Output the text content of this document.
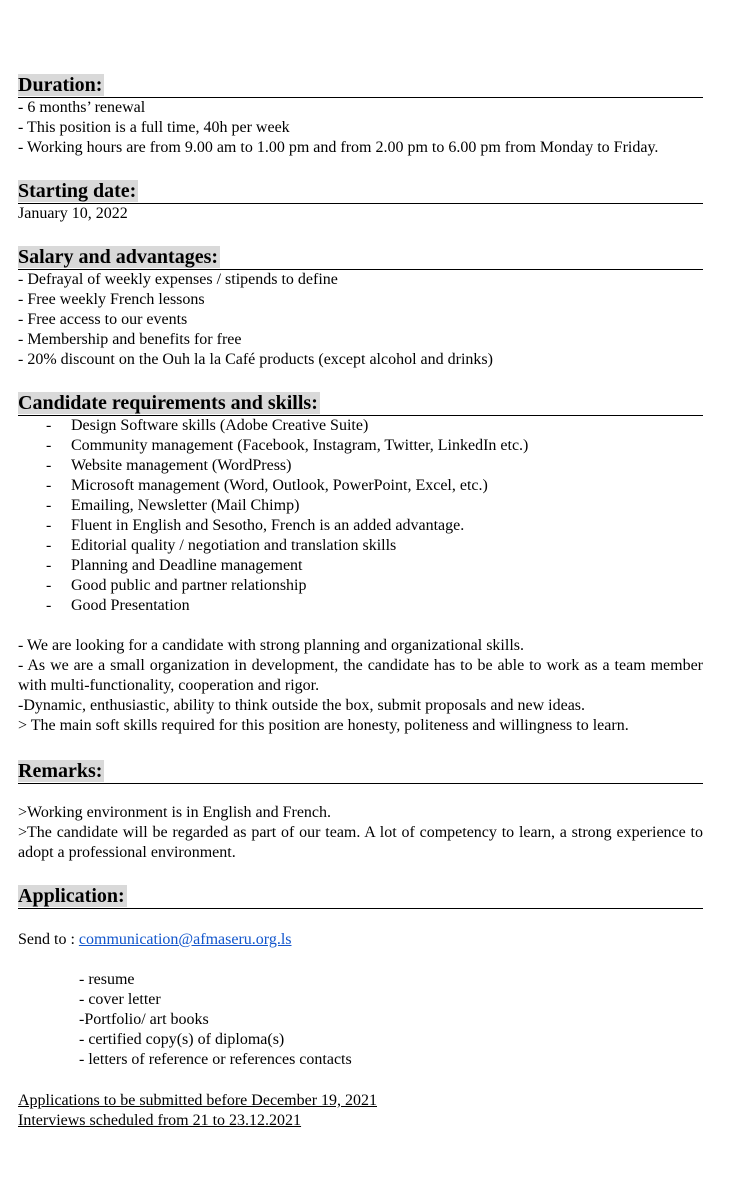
Duration:
- 6 months’ renewal
- This position is a full time, 40h per week
- Working hours are from 9.00 am to 1.00 pm and from 2.00 pm to 6.00 pm from Monday to Friday.
Starting date:
January 10, 2022
Salary and advantages:
- Defrayal of weekly expenses / stipends to define
- Free weekly French lessons
- Free access to our events
- Membership and benefits for free
- 20% discount on the Ouh la la Café products (except alcohol and drinks)
Candidate requirements and skills:
- Design Software skills (Adobe Creative Suite)
- Community management (Facebook, Instagram, Twitter, LinkedIn etc.)
- Website management (WordPress)
- Microsoft management (Word, Outlook, PowerPoint, Excel, etc.)
- Emailing, Newsletter (Mail Chimp)
- Fluent in English and Sesotho, French is an added advantage.
- Editorial quality / negotiation and translation skills
- Planning and Deadline management
- Good public and partner relationship
- Good Presentation

- We are looking for a candidate with strong planning and organizational skills.

- As we are a small organization in development, the candidate has to be able to work as a team member with multi-functionality, cooperation and rigor.

-Dynamic, enthusiastic, ability to think outside the box, submit proposals and new ideas.

> The main soft skills required for this position are honesty, politeness and willingness to learn.

Remarks:

>Working environment is in English and French.

>The candidate will be regarded as part of our team. A lot of competency to learn, a strong experience to adopt a professional environment.

Application:
Send to : communication@afmaseru.org.ls
- resume
- cover letter
-Portfolio/ art books
- certified copy(s) of diploma(s)
- letters of reference or references contacts
Applications to be submitted before December 19, 2021
Interviews scheduled from 21 to 23.12.2021
